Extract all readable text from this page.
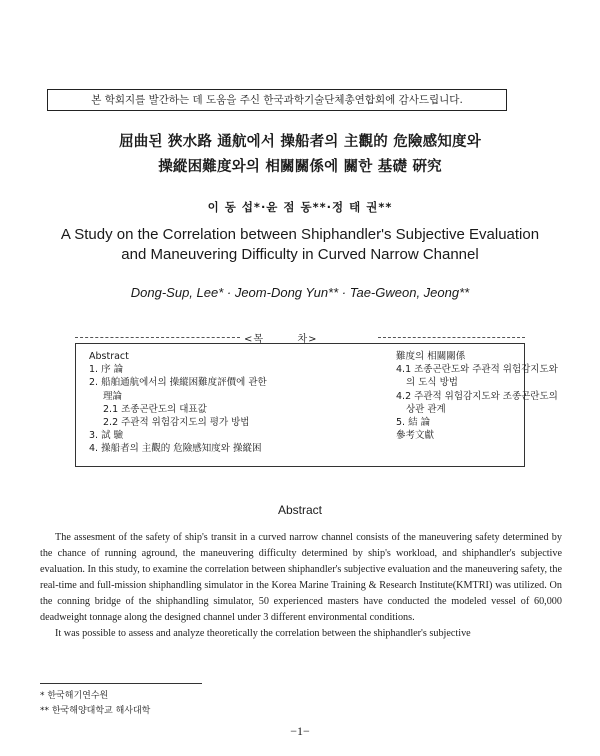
본 학회지를 발간하는 데 도움을 주신 한국과학기술단체총연합회에 감사드립니다.
屈曲된 狹水路 通航에서 操船者의 主觀的 危險感知度와
操縱困難度와의 相關關係에 關한 基礎 硏究
이 동 섭*·윤 점 동**·정 태 권**
A Study on the Correlation between Shiphandler's Subjective Evaluation
and Maneuvering Difficulty in Curved Narrow Channel
Dong-Sup, Lee* · Jeom-Dong Yun** · Tae-Gweon, Jeong**
<목        차>
Abstract
1. 序 論
2. 船舶通航에서의 操縱困難度評價에 관한
理論
2.1 조종곤란도의 대표값
2.2 주관적 위험감지도의 평가 방법
3. 試 驗
4. 操船者의 主觀的 危險感知度와 操縱困
難度의 相關關係
4.1 조종곤란도와 주관적 위험감지도와
의 도식 방법
4.2 주관적 위험감지도와 조종곤란도의
상관 관계
5. 結 論
參考文獻
Abstract

The assesment of the safety of ship's transit in a curved narrow channel consists of the maneuvering safety determined by the chance of running aground, the maneuvering difficulty determined by ship's workload, and shiphandler's subjective evaluation. In this study, to examine the correlation between shiphandler's subjective evaluation and the maneuvering safety, the real-time and full-mission shiphandling simulator in the Korea Marine Training & Research Institute(KMTRI) was utilized. On the conning bridge of the shiphandling simulator, 50 experienced masters have conducted the modeled vessel of 60,000 deadweight tonnage along the designed channel under 3 different environmental conditions.

It was possible to assess and analyze theoretically the correlation between the shiphandler's subjective

* 한국해기연수원
** 한국해양대학교 해사대학
−1−
